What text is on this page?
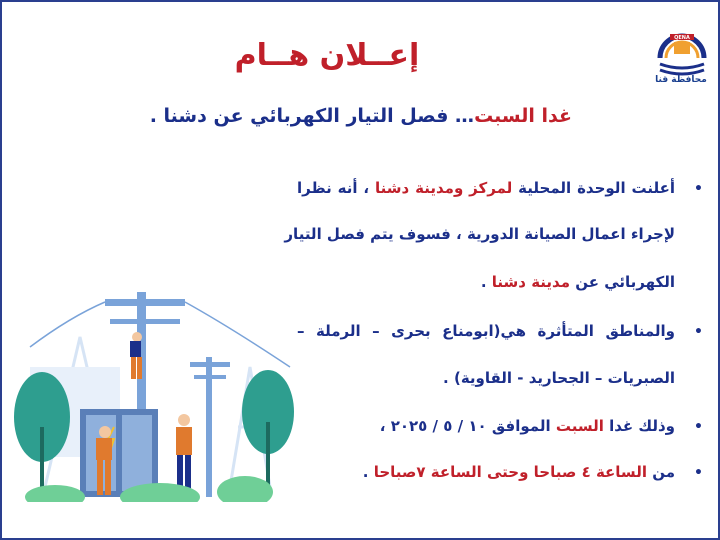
QENA
محافظة قنا
إعــلان هــام
غدا السبت… فصل التيار الكهربائي عن دشنا .
•
أعلنت الوحدة المحلية لمركز ومدينة دشنا ، أنه نظرا
لإجراء اعمال الصيانة الدورية ، فسوف يتم فصل التيار
الكهربائي عن مدينة دشنا .
•
والمناطق المتأثرة هي(ابومناع بحرى – الرملة –
الصبريات – الجحاريد - القاوية) .
•
وذلك غدا السبت الموافق ١٠ / ٥ / ٢٠٢٥ ،
•
من الساعة ٤ صباحا وحتى الساعة ٧صباحا .
